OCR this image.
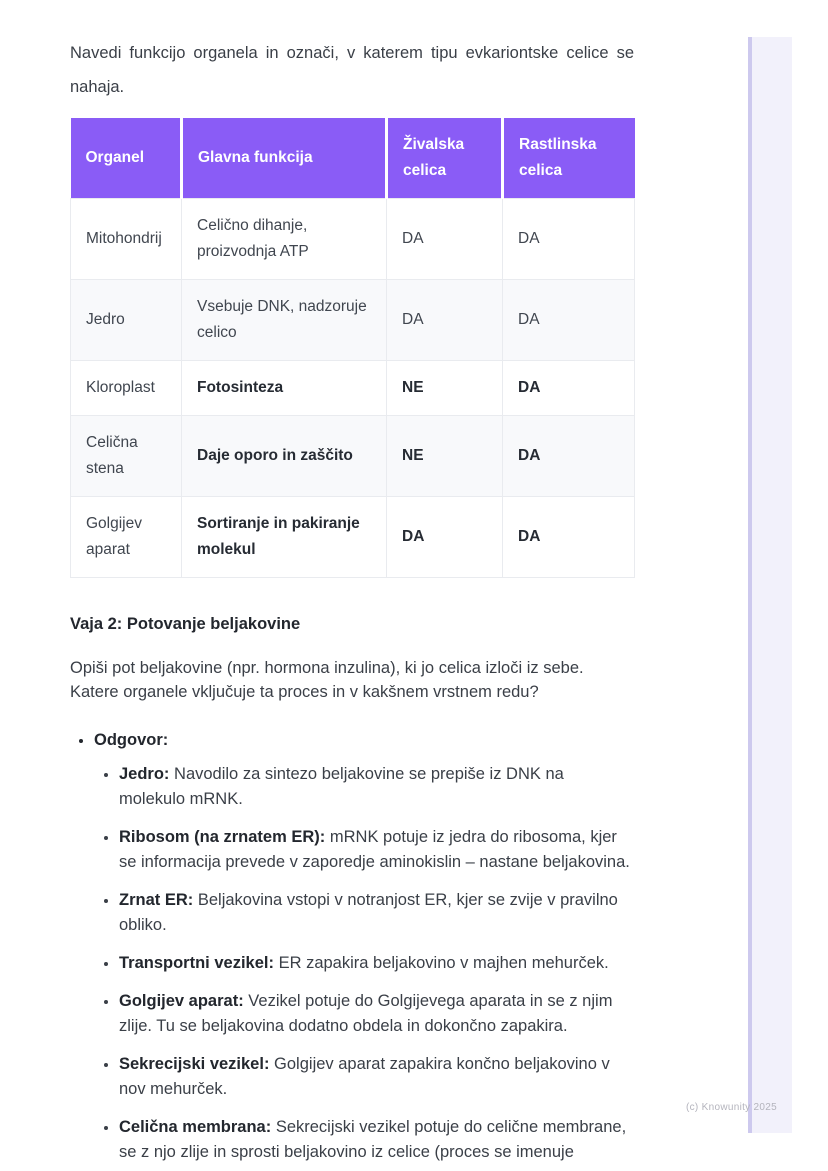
Navedi funkcijo organela in označi, v katerem tipu evkariontske celice se nahaja.

Organel	Glavna funkcija	Živalska celica	Rastlinska celica
Mitohondrij	Celično dihanje, proizvodnja ATP	DA	DA
Jedro	Vsebuje DNK, nadzoruje celico	DA	DA
Kloroplast	Fotosinteza	NE	DA
Celična stena	Daje oporo in zaščito	NE	DA
Golgijev aparat	Sortiranje in pakiranje molekul	DA	DA

Vaja 2: Potovanje beljakovine

Opiši pot beljakovine (npr. hormona inzulina), ki jo celica izloči iz sebe. Katere organele vključuje ta proces in v kakšnem vrstnem redu?

• Odgovor:
• Jedro: Navodilo za sintezo beljakovine se prepiše iz DNK na molekulo mRNK.
• Ribosom (na zrnatem ER): mRNK potuje iz jedra do ribosoma, kjer se informacija prevede v zaporedje aminokislin – nastane beljakovina.
• Zrnat ER: Beljakovina vstopi v notranjost ER, kjer se zvije v pravilno obliko.
• Transportni vezikel: ER zapakira beljakovino v majhen mehurček.
• Golgijev aparat: Vezikel potuje do Golgijevega aparata in se z njim zlije. Tu se beljakovina dodatno obdela in dokončno zapakira.
• Sekrecijski vezikel: Golgijev aparat zapakira končno beljakovino v nov mehurček.
• Celična membrana: Sekrecijski vezikel potuje do celične membrane, se z njo zlije in sprosti beljakovino iz celice (proces se imenuje
(c) Knowunity 2025
